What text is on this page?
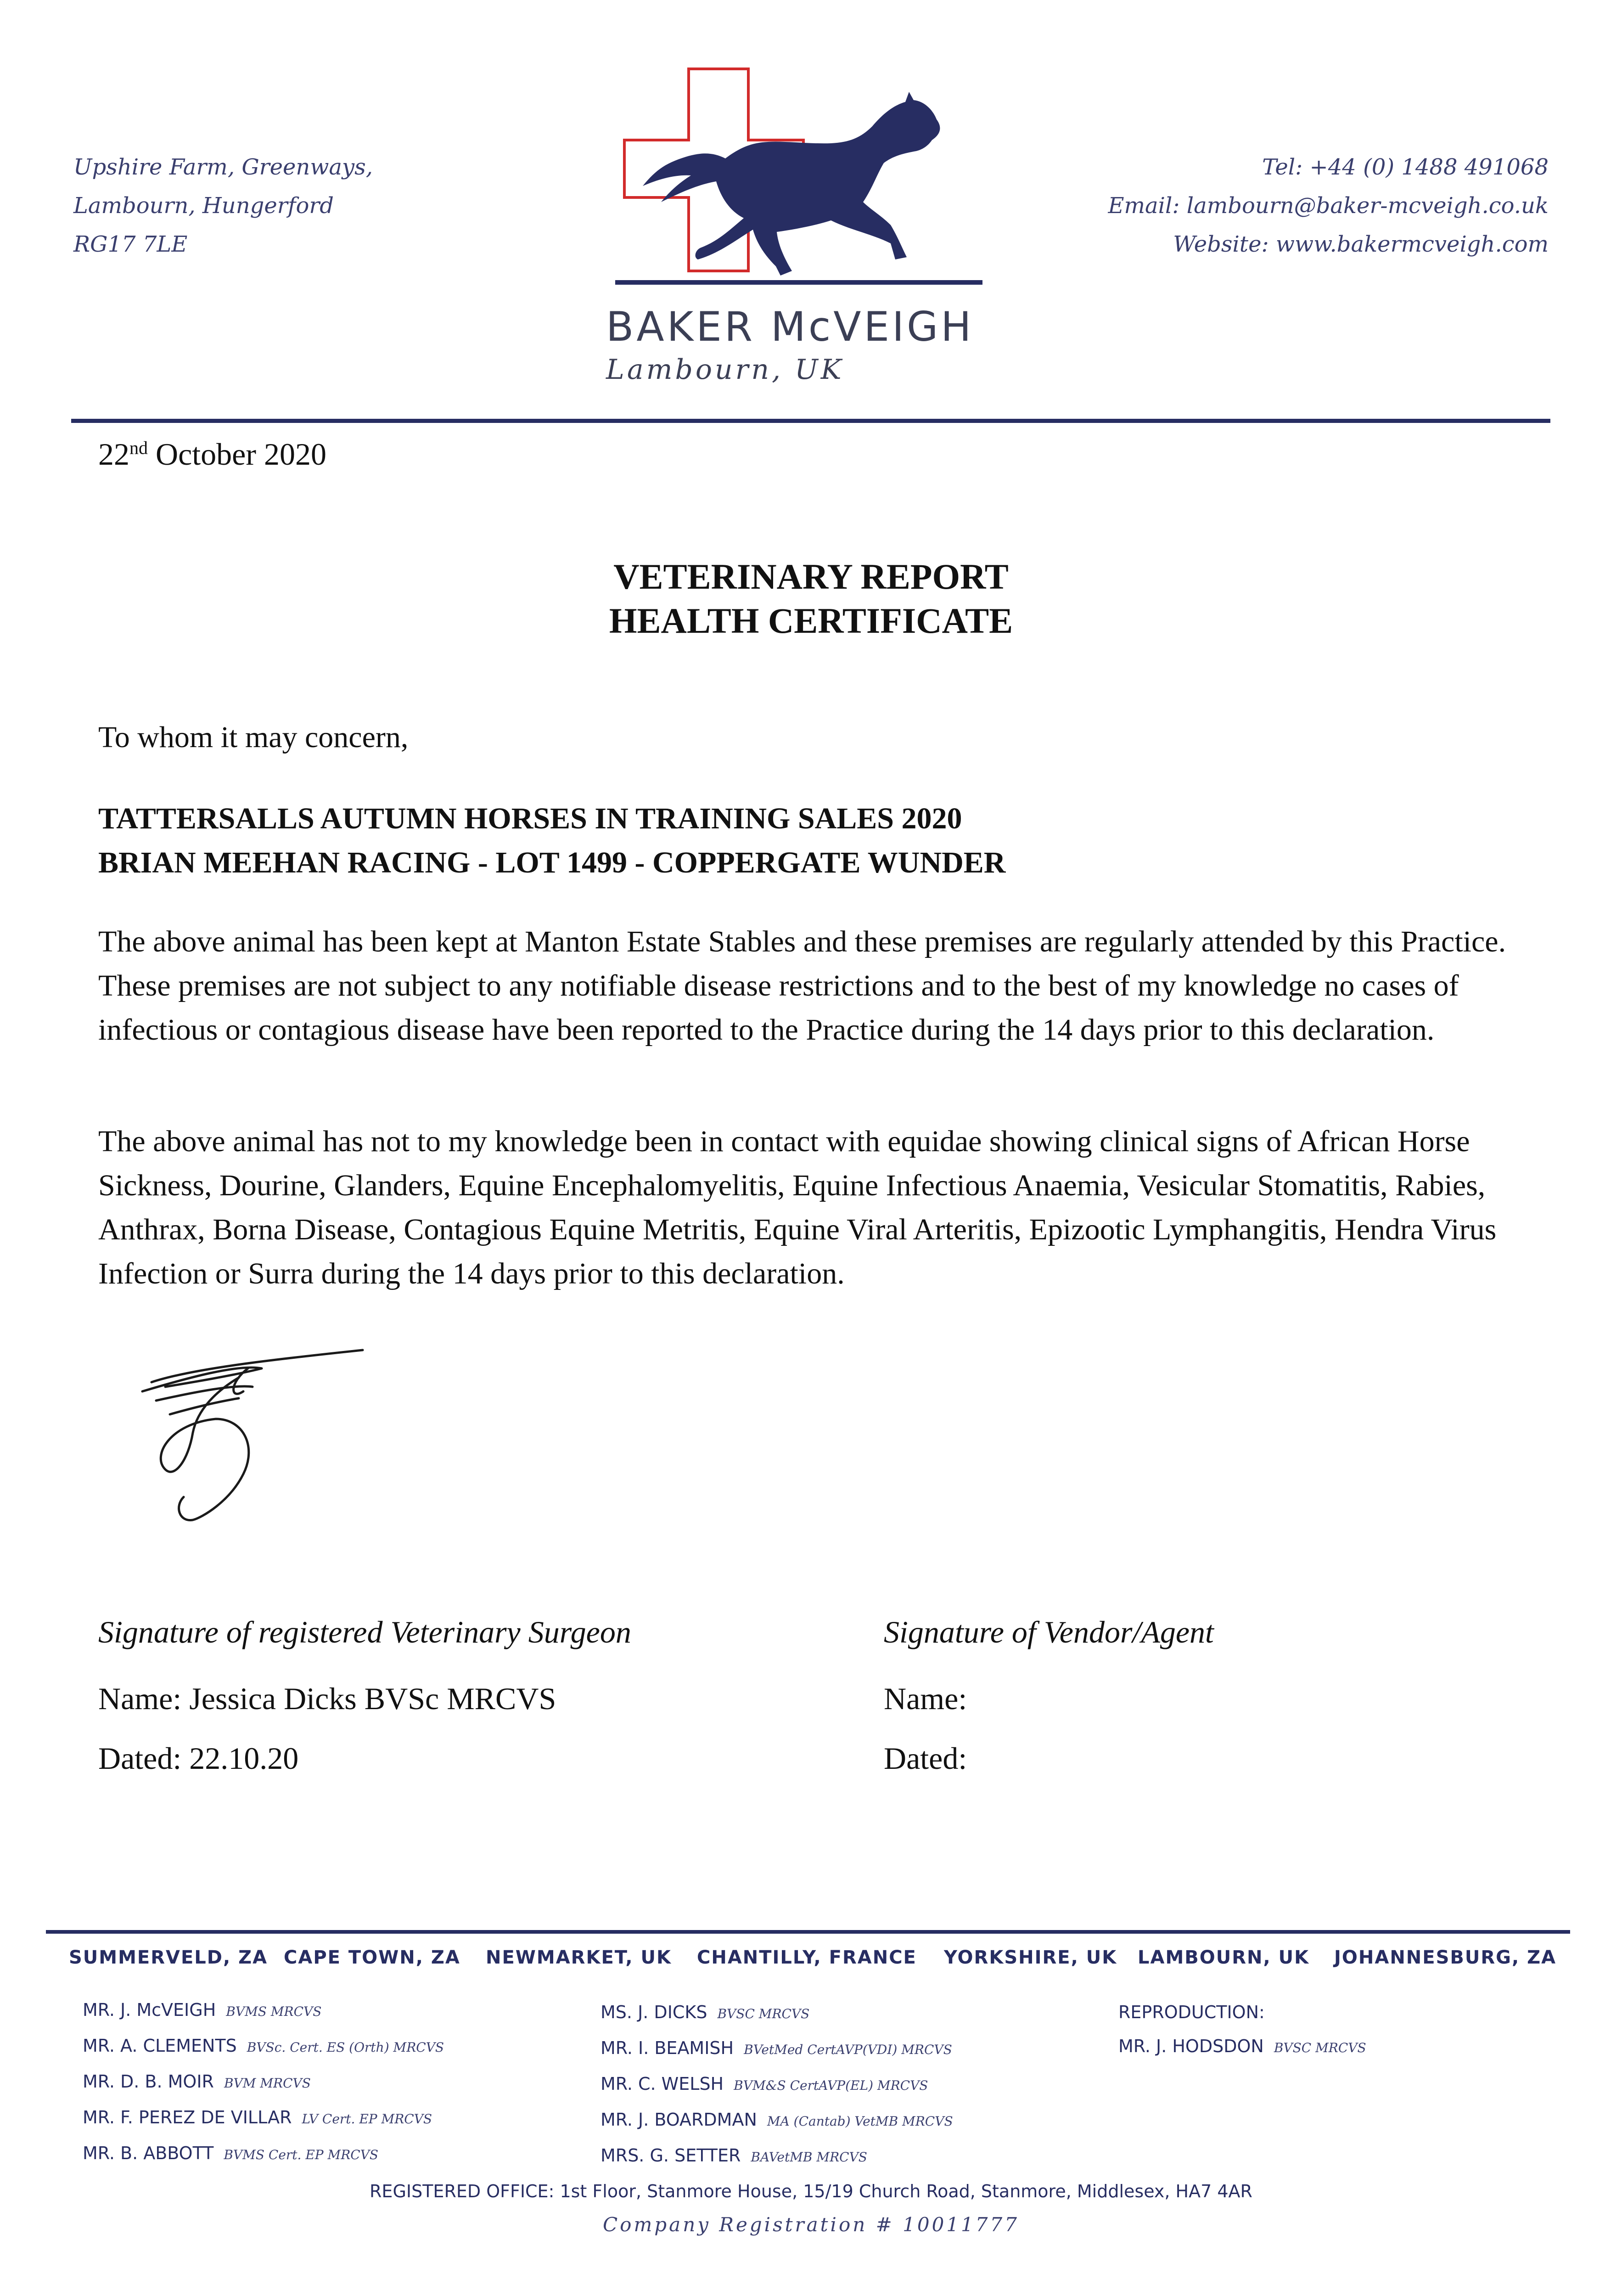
Upshire Farm, Greenways,
Lambourn, Hungerford
RG17 7LE
Tel: +44 (0) 1488 491068
Email: lambourn@baker-mcveigh.co.uk
Website: www.bakermcveigh.com
BAKER McVEIGH
Lambourn, UK
22nd October 2020
VETERINARY REPORT
HEALTH CERTIFICATE
To whom it may concern,
TATTERSALLS AUTUMN HORSES IN TRAINING SALES 2020
BRIAN MEEHAN RACING - LOT 1499 - COPPERGATE WUNDER
The above animal has been kept at Manton Estate Stables and these premises are regularly attended by this Practice. These premises are not subject to any notifiable disease restrictions and to the best of my knowledge no cases of infectious or contagious disease have been reported to the Practice during the 14 days prior to this declaration.
The above animal has not to my knowledge been in contact with equidae showing clinical signs of African Horse Sickness, Dourine, Glanders, Equine Encephalomyelitis, Equine Infectious Anaemia, Vesicular Stomatitis, Rabies, Anthrax, Borna Disease, Contagious Equine Metritis, Equine Viral Arteritis, Epizootic Lymphangitis, Hendra Virus Infection or Surra during the 14 days prior to this declaration.
Signature of registered Veterinary Surgeon
Name: Jessica Dicks BVSc MRCVS
Dated: 22.10.20
Signature of Vendor/Agent
Name:
Dated:
SUMMERVELD, ZA CAPE TOWN, ZA NEWMARKET, UK CHANTILLY, FRANCE YORKSHIRE, UK LAMBOURN, UK JOHANNESBURG, ZA
MR. J. McVEIGH BVMS MRCVS
MR. A. CLEMENTS BVSc. Cert. ES (Orth) MRCVS
MR. D. B. MOIR BVM MRCVS
MR. F. PEREZ DE VILLAR LV Cert. EP MRCVS
MR. B. ABBOTT BVMS Cert. EP MRCVS
MS. J. DICKS BVSC MRCVS
MR. I. BEAMISH BVetMed CertAVP(VDI) MRCVS
MR. C. WELSH BVM&S CertAVP(EL) MRCVS
MR. J. BOARDMAN MA (Cantab) VetMB MRCVS
MRS. G. SETTER BAVetMB MRCVS
REPRODUCTION:
MR. J. HODSDON BVSC MRCVS
REGISTERED OFFICE: 1st Floor, Stanmore House, 15/19 Church Road, Stanmore, Middlesex, HA7 4AR
Company Registration # 10011777
